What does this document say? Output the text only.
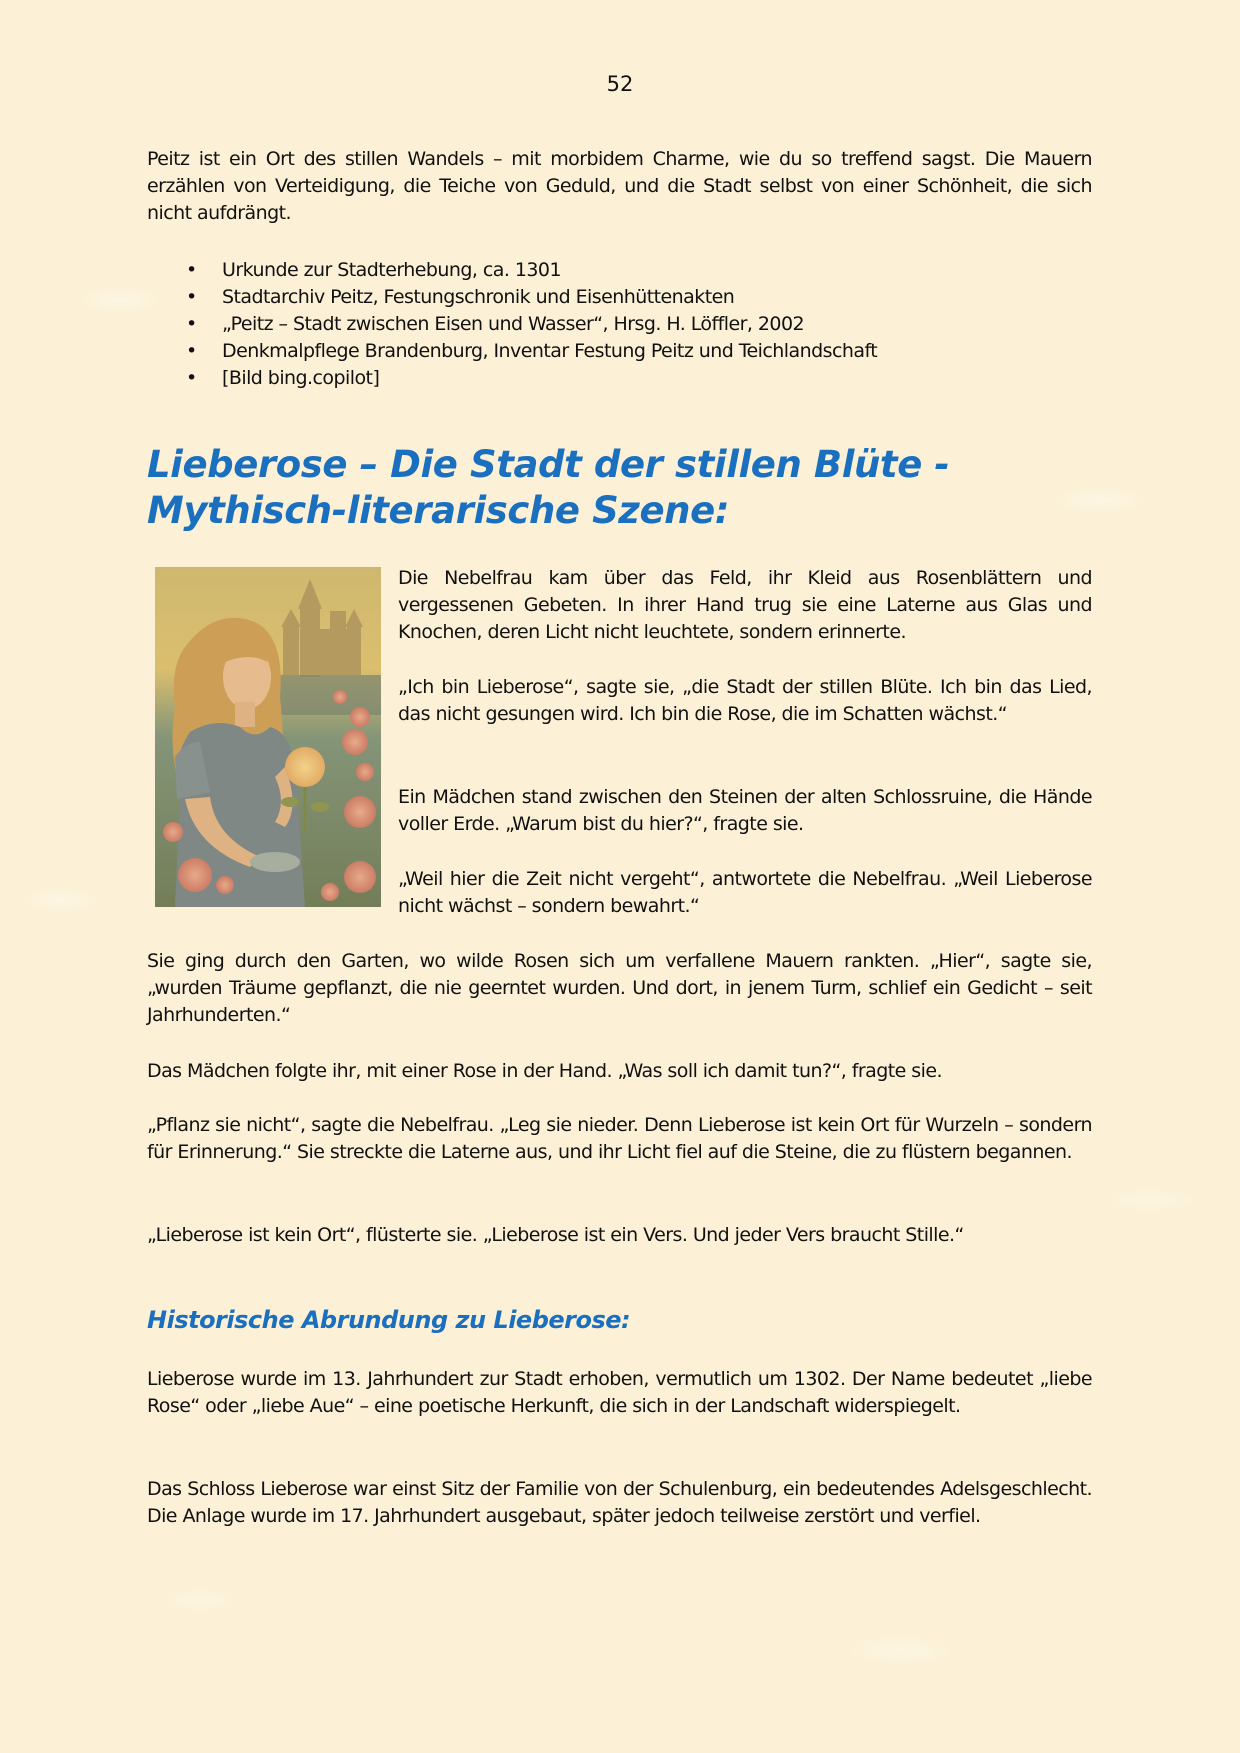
52

Peitz ist ein Ort des stillen Wandels – mit morbidem Charme, wie du so treffend sagst. Die Mauern erzählen von Verteidigung, die Teiche von Geduld, und die Stadt selbst von einer Schönheit, die sich nicht aufdrängt.

• Urkunde zur Stadterhebung, ca. 1301
• Stadtarchiv Peitz, Festungschronik und Eisenhüttenakten
• „Peitz – Stadt zwischen Eisen und Wasser“, Hrsg. H. Löffler, 2002
• Denkmalpflege Brandenburg, Inventar Festung Peitz und Teichlandschaft
• [Bild bing.copilot]
Lieberose – Die Stadt der stillen Blüte - Mythisch-literarische Szene:

Die Nebelfrau kam über das Feld, ihr Kleid aus Rosenblättern und vergessenen Gebeten. In ihrer Hand trug sie eine Laterne aus Glas und Knochen, deren Licht nicht leuchtete, sondern erinnerte.

„Ich bin Lieberose“, sagte sie, „die Stadt der stillen Blüte. Ich bin das Lied, das nicht gesungen wird. Ich bin die Rose, die im Schatten wächst.“

Ein Mädchen stand zwischen den Steinen der alten Schlossruine, die Hände voller Erde. „Warum bist du hier?“, fragte sie.

„Weil hier die Zeit nicht vergeht“, antwortete die Nebelfrau. „Weil Lieberose nicht wächst – sondern bewahrt.“

Sie ging durch den Garten, wo wilde Rosen sich um verfallene Mauern rankten. „Hier“, sagte sie, „wurden Träume gepflanzt, die nie geerntet wurden. Und dort, in jenem Turm, schlief ein Gedicht – seit Jahrhunderten.“

Das Mädchen folgte ihr, mit einer Rose in der Hand. „Was soll ich damit tun?“, fragte sie.

„Pflanz sie nicht“, sagte die Nebelfrau. „Leg sie nieder. Denn Lieberose ist kein Ort für Wurzeln – sondern für Erinnerung.“ Sie streckte die Laterne aus, und ihr Licht fiel auf die Steine, die zu flüstern begannen.

„Lieberose ist kein Ort“, flüsterte sie. „Lieberose ist ein Vers. Und jeder Vers braucht Stille.“

Historische Abrundung zu Lieberose:

Lieberose wurde im 13. Jahrhundert zur Stadt erhoben, vermutlich um 1302. Der Name bedeutet „liebe Rose“ oder „liebe Aue“ – eine poetische Herkunft, die sich in der Landschaft widerspiegelt.

Das Schloss Lieberose war einst Sitz der Familie von der Schulenburg, ein bedeutendes Adelsgeschlecht. Die Anlage wurde im 17. Jahrhundert ausgebaut, später jedoch teilweise zerstört und verfiel.
